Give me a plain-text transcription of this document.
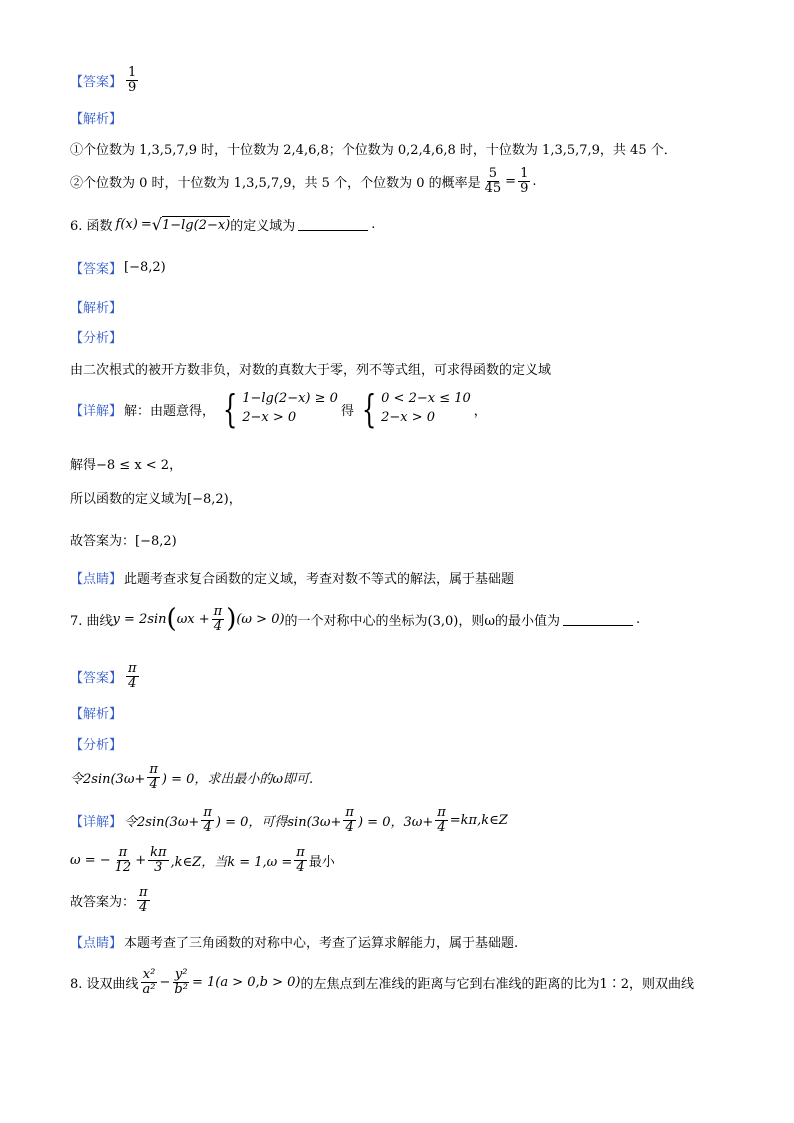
【答案】 $\frac{1}{9}$
【解析】
①个位数为 1,3,5,7,9 时，十位数为 2,4,6,8；个位数为 0,2,4,6,8 时，十位数为 1,3,5,7,9，共 45 个．
②个位数为 0 时，十位数为 1,3,5,7,9，共 5 个，个位数为 0 的概率是 $\frac{5}{45} = \frac{1}{9}$ .
6. 函数 f(x) = √ 1−lg(2−x) 的定义域为	.
【答案】 [−8,2)
【解析】
【分析】
由二次根式的被开方数非负，对数的真数大于零，列不等式组，可求得函数的定义域
【详解】 解：由题意得， { 1−lg(2−x) ≥ 0
2−x > 0	得 { 0 < 2−x ≤ 10
2−x > 0	，
解得−8 ≤ x < 2，
所以函数的定义域为[−8,2)，
故答案为：[−8,2)
【点睛】 此题考查求复合函数的定义域，考查对数不等式的解法，属于基础题
7. 曲线 y = 2sin ( $\omega x + \frac{\pi}{4}$ ) (ω > 0) 的一个对称中心的坐标为(3,0)，则ω的最小值为	.
【答案】 $\frac{\pi}{4}$
【解析】
【分析】
令$2\sin(3\omega+ \frac{\pi}{4}$ ) = 0，求出最小的ω即可.
【详解】 令$2\sin(3\omega+ \frac{\pi}{4}$ ) = 0，可得$\sin(3\omega+ \frac{\pi}{4}$ ) = 0，$3\omega+ \frac{\pi}{4}$ =kπ,k∈Z
ω = − $\frac{\pi}{12} + \frac{k\pi}{3}$ ,k∈Z，当$k = 1,\omega = \frac{\pi}{4}$ 最小
故答案为： $\frac{\pi}{4}$
【点睛】 本题考查了三角函数的对称中心，考查了运算求解能力，属于基础题.
8. 设双曲线 $\frac{\text{x²}}{\text{a²}} - \frac{\text{y²}}{\text{b²}} = 1$ (a > 0,b > 0) 的左焦点到左准线的距离与它到右准线的距离的比为1∶2，则双曲线
